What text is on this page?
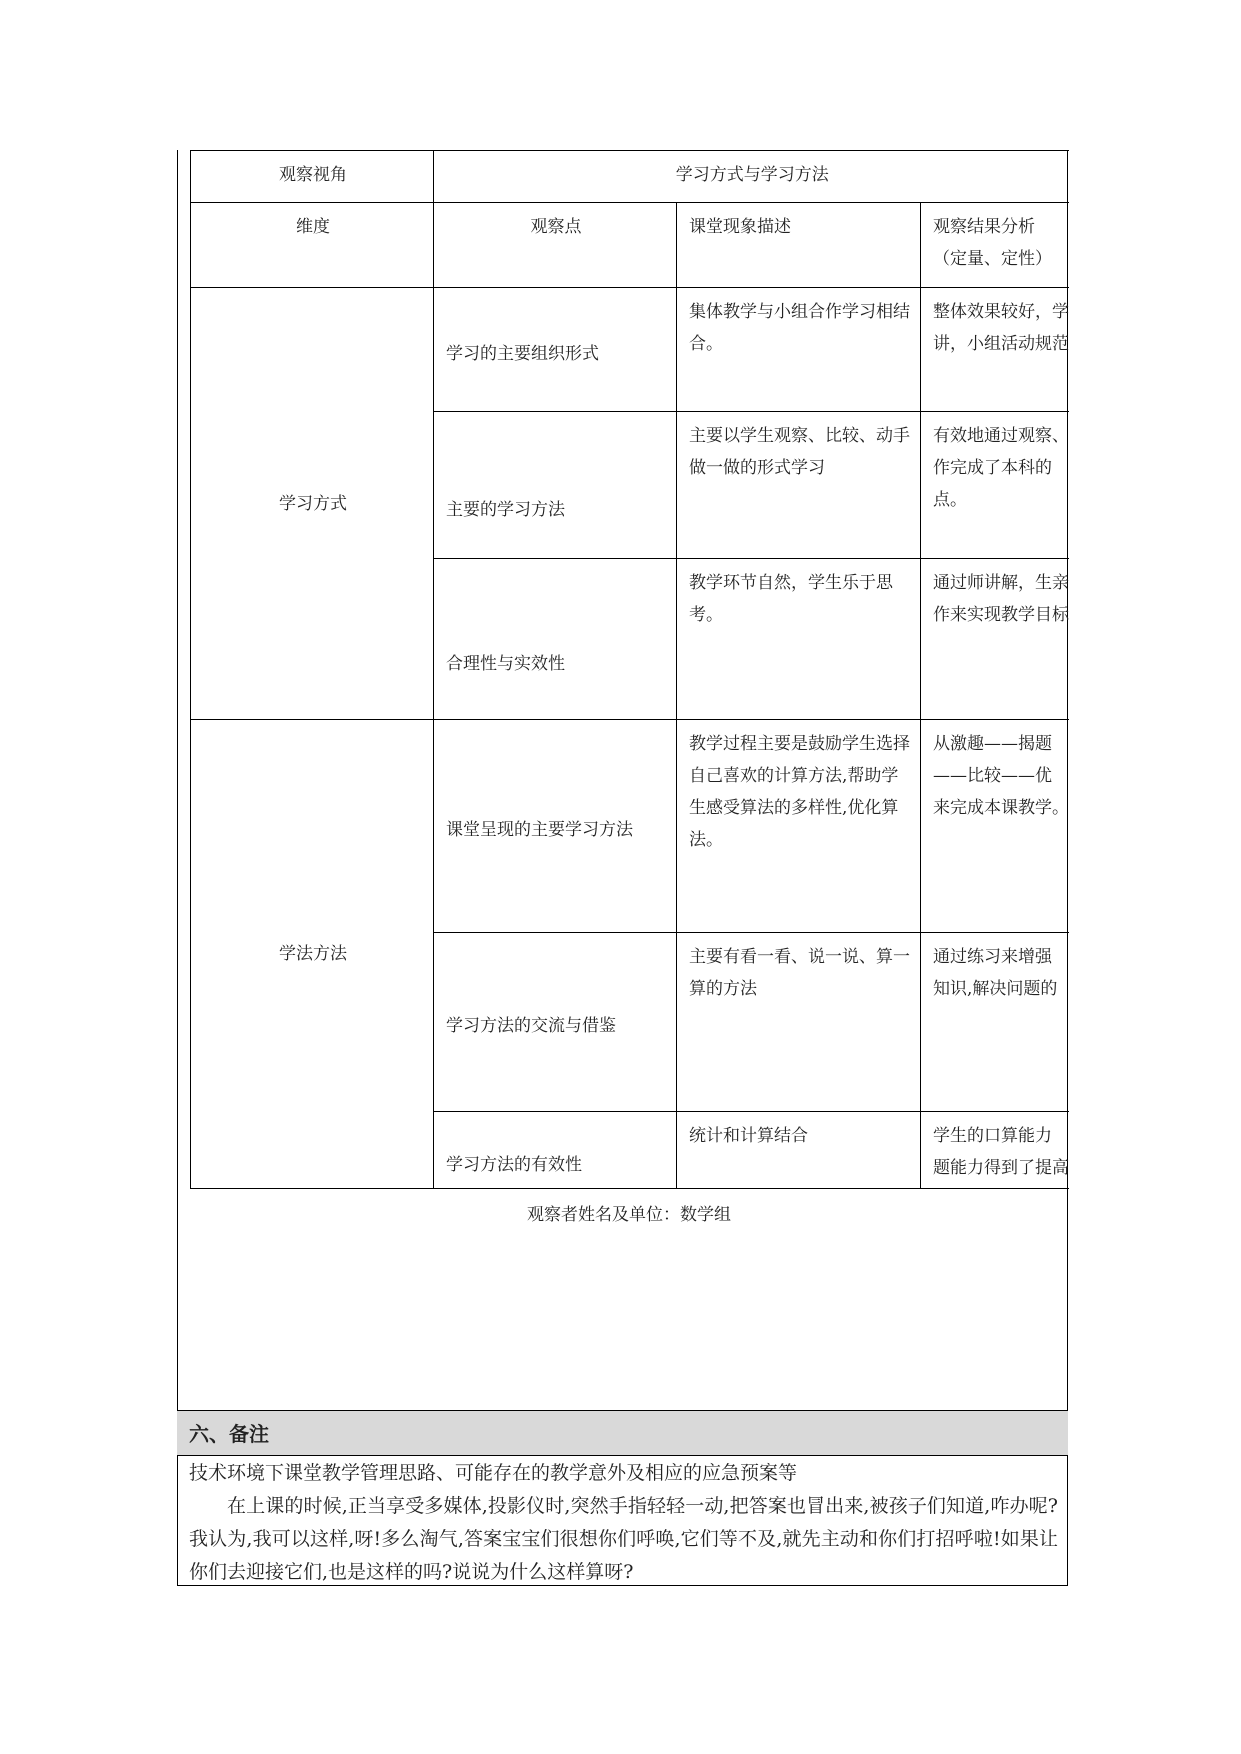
观察视角	学习方式与学习方法		
维度	观察点	课堂现象描述	观察结果分析
（定量、定性）

学习方式	学习的主要组织形式	集体教学与小组合作学习相结合。	整体效果较好，学
讲，小组活动规范

	主要的学习方法	主要以学生观察、比较、动手做一做的形式学习	有效地通过观察、
作完成了本科的
点。

	合理性与实效性	教学环节自然，学生乐于思考。	通过师讲解，生亲
作来实现教学目标

学法方法	课堂呈现的主要学习方法	教学过程主要是鼓励学生选择自己喜欢的计算方法,帮助学生感受算法的多样性,优化算法。	从激趣——揭题
——比较——优
来完成本课教学。

	学习方法的交流与借鉴	主要有看一看、说一说、算一算的方法	通过练习来增强
知识,解决问题的

	学习方法的有效性	统计和计算结合	学生的口算能力
题能力得到了提高
观察者姓名及单位：数学组
六、备注

技术环境下课堂教学管理思路、可能存在的教学意外及相应的应急预案等

在上课的时候,正当享受多媒体,投影仪时,突然手指轻轻一动,把答案也冒出来,被孩子们知道,咋办呢?我认为,我可以这样,呀!多么淘气,答案宝宝们很想你们呼唤,它们等不及,就先主动和你们打招呼啦!如果让你们去迎接它们,也是这样的吗?说说为什么这样算呀?
